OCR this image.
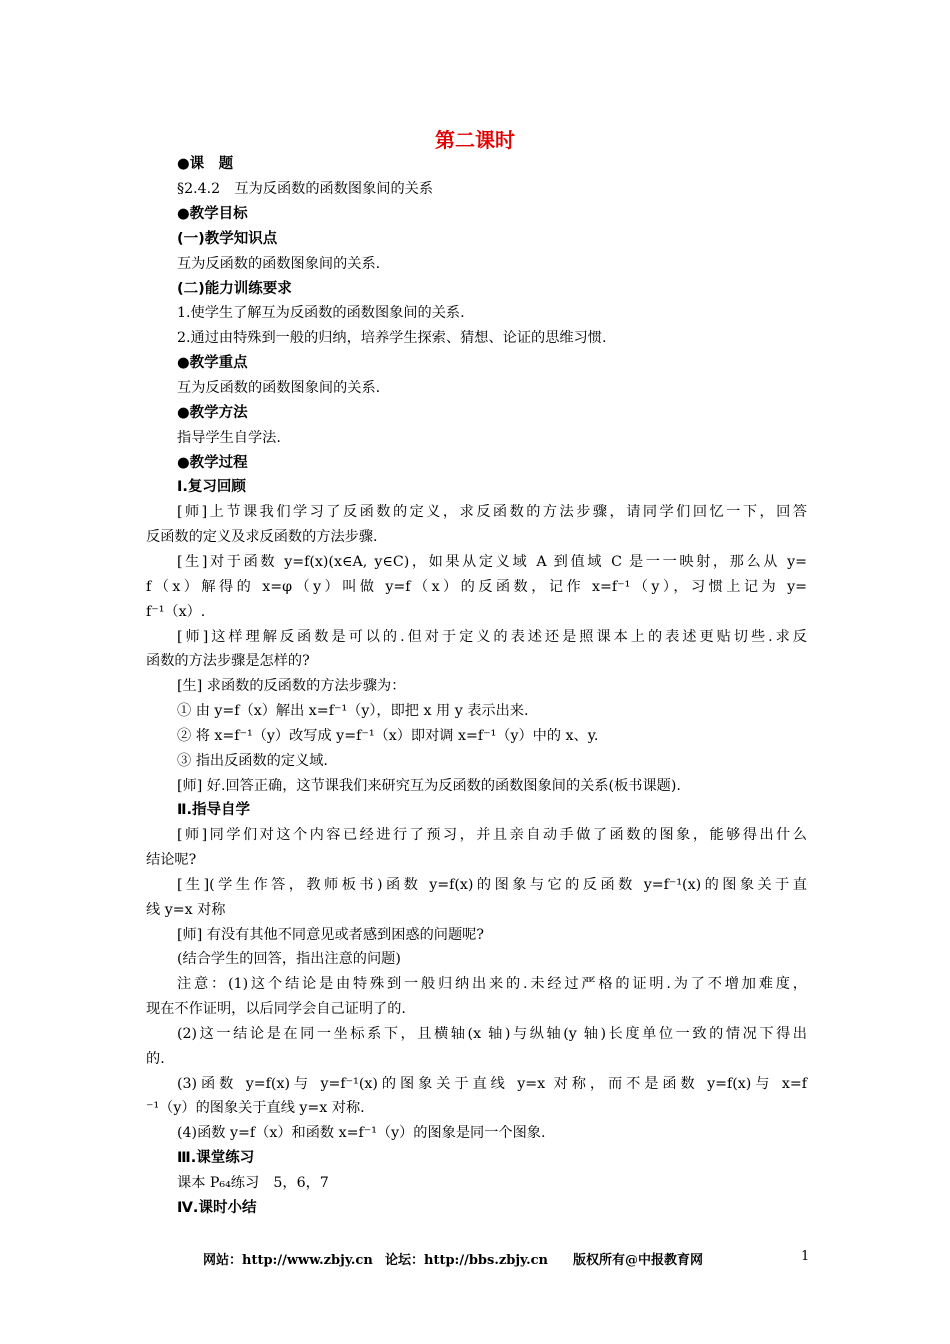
第二课时
●课　题
§2.4.2　互为反函数的函数图象间的关系
●教学目标
(一)教学知识点
互为反函数的函数图象间的关系.
(二)能力训练要求
1.使学生了解互为反函数的函数图象间的关系.
2.通过由特殊到一般的归纳，培养学生探索、猜想、论证的思维习惯.
●教学重点
互为反函数的函数图象间的关系.
●教学方法
指导学生自学法.
●教学过程
Ⅰ.复习回顾
[师]上节课我们学习了反函数的定义，求反函数的方法步骤，请同学们回忆一下，回答
反函数的定义及求反函数的方法步骤.
[生]对于函数 y=f(x)(x∈A, y∈C)，如果从定义域 A 到值域 C 是一一映射，那么从 y=
f（x）解得的 x=φ（y）叫做 y=f（x）的反函数，记作 x=f⁻¹（y），习惯上记为 y=
f⁻¹（x）.
[师]这样理解反函数是可以的.但对于定义的表述还是照课本上的表述更贴切些.求反
函数的方法步骤是怎样的?
[生] 求函数的反函数的方法步骤为：
① 由 y=f（x）解出 x=f⁻¹（y），即把 x 用 y 表示出来.
② 将 x=f⁻¹（y）改写成 y=f⁻¹（x）即对调 x=f⁻¹（y）中的 x、y.
③ 指出反函数的定义域.
[师] 好.回答正确，这节课我们来研究互为反函数的函数图象间的关系(板书课题).
Ⅱ.指导自学
[师]同学们对这个内容已经进行了预习，并且亲自动手做了函数的图象，能够得出什么
结论呢?
[生](学生作答，教师板书)函数 y=f(x)的图象与它的反函数 y=f⁻¹(x)的图象关于直
线 y=x 对称
[师] 有没有其他不同意见或者感到困惑的问题呢?
(结合学生的回答，指出注意的问题)
注意：(1)这个结论是由特殊到一般归纳出来的.未经过严格的证明.为了不增加难度，
现在不作证明，以后同学会自己证明了的.
(2)这一结论是在同一坐标系下，且横轴(x 轴)与纵轴(y 轴)长度单位一致的情况下得出
的.
(3)函数 y=f(x)与 y=f⁻¹(x)的图象关于直线 y=x 对称，而不是函数 y=f(x)与 x=f
⁻¹（y）的图象关于直线 y=x 对称.
(4)函数 y=f（x）和函数 x=f⁻¹（y）的图象是同一个图象.
Ⅲ.课堂练习
课本 P₆₄练习　5，6，7
Ⅳ.课时小结
网站：http://www.zbjy.cn 论坛：http://bbs.zbjy.cn 版权所有@中报教育网	1
